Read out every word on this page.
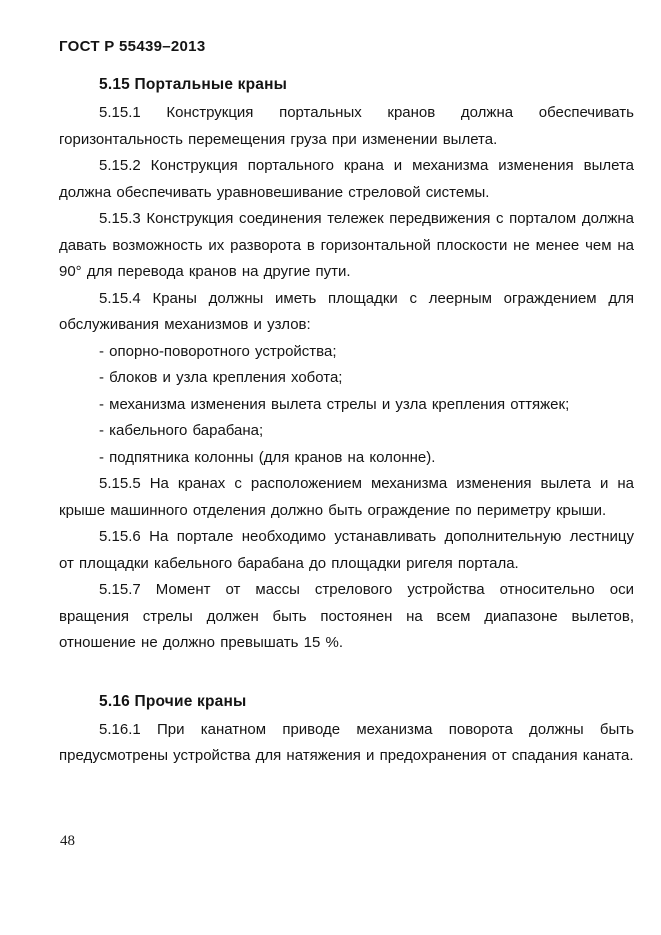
ГОСТ Р 55439–2013
5.15 Портальные краны

5.15.1 Конструкция портальных кранов должна обеспечивать горизонтальность перемещения груза при изменении вылета.

5.15.2 Конструкция портального крана и механизма изменения вылета должна обеспечивать уравновешивание стреловой системы.

5.15.3 Конструкция соединения тележек передвижения с порталом должна давать возможность их разворота в горизонтальной плоскости не менее чем на 90° для перевода кранов на другие пути.

5.15.4 Краны должны иметь площадки с леерным ограждением для обслуживания механизмов и узлов:

- опорно-поворотного устройства;

- блоков и узла крепления хобота;

- механизма изменения вылета стрелы и узла крепления оттяжек;

- кабельного барабана;

- подпятника колонны (для кранов на колонне).

5.15.5 На кранах с расположением механизма изменения вылета и на крыше машинного отделения должно быть ограждение по периметру крыши.

5.15.6 На портале необходимо устанавливать дополнительную лестницу от площадки кабельного барабана до площадки ригеля портала.

5.15.7 Момент от массы стрелового устройства относительно оси вращения стрелы должен быть постоянен на всем диапазоне вылетов, отношение не должно превышать 15 %.

5.16 Прочие краны

5.16.1 При канатном приводе механизма поворота должны быть предусмотрены устройства для натяжения и предохранения от спадания каната.

48
